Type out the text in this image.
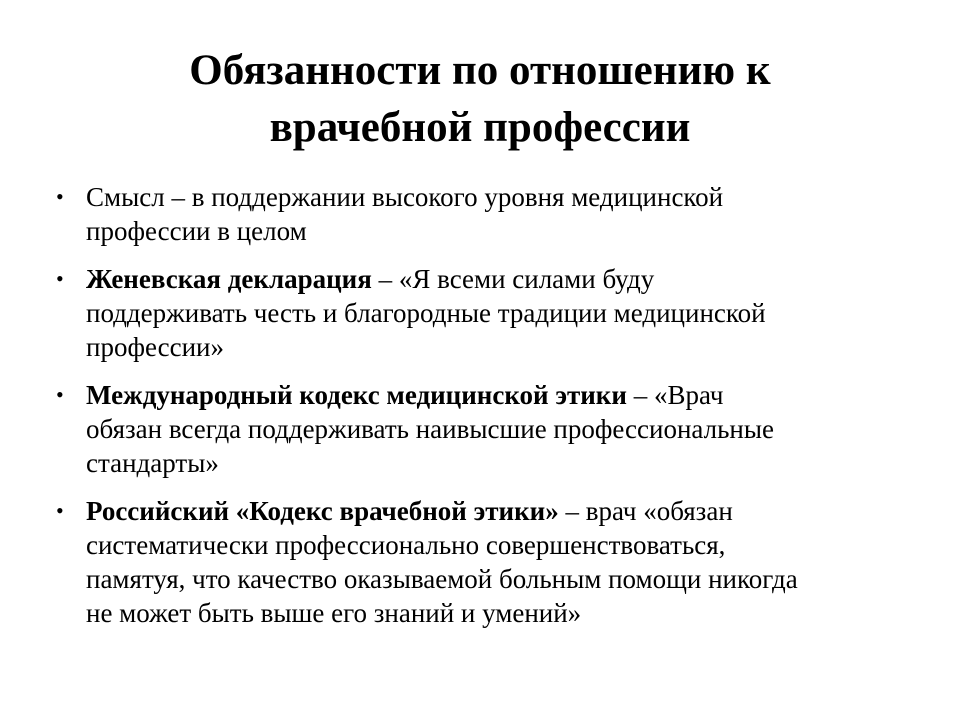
Обязанности по отношению к
врачебной профессии
• Смысл – в поддержании высокого уровня медицинской
профессии в целом
• Женевская декларация – «Я всеми силами буду
поддерживать честь и благородные традиции медицинской
профессии»
• Международный кодекс медицинской этики – «Врач
обязан всегда поддерживать наивысшие профессиональные
стандарты»
• Российский «Кодекс врачебной этики» – врач «обязан
систематически профессионально совершенствоваться,
памятуя, что качество оказываемой больным помощи никогда
не может быть выше его знаний и умений»
